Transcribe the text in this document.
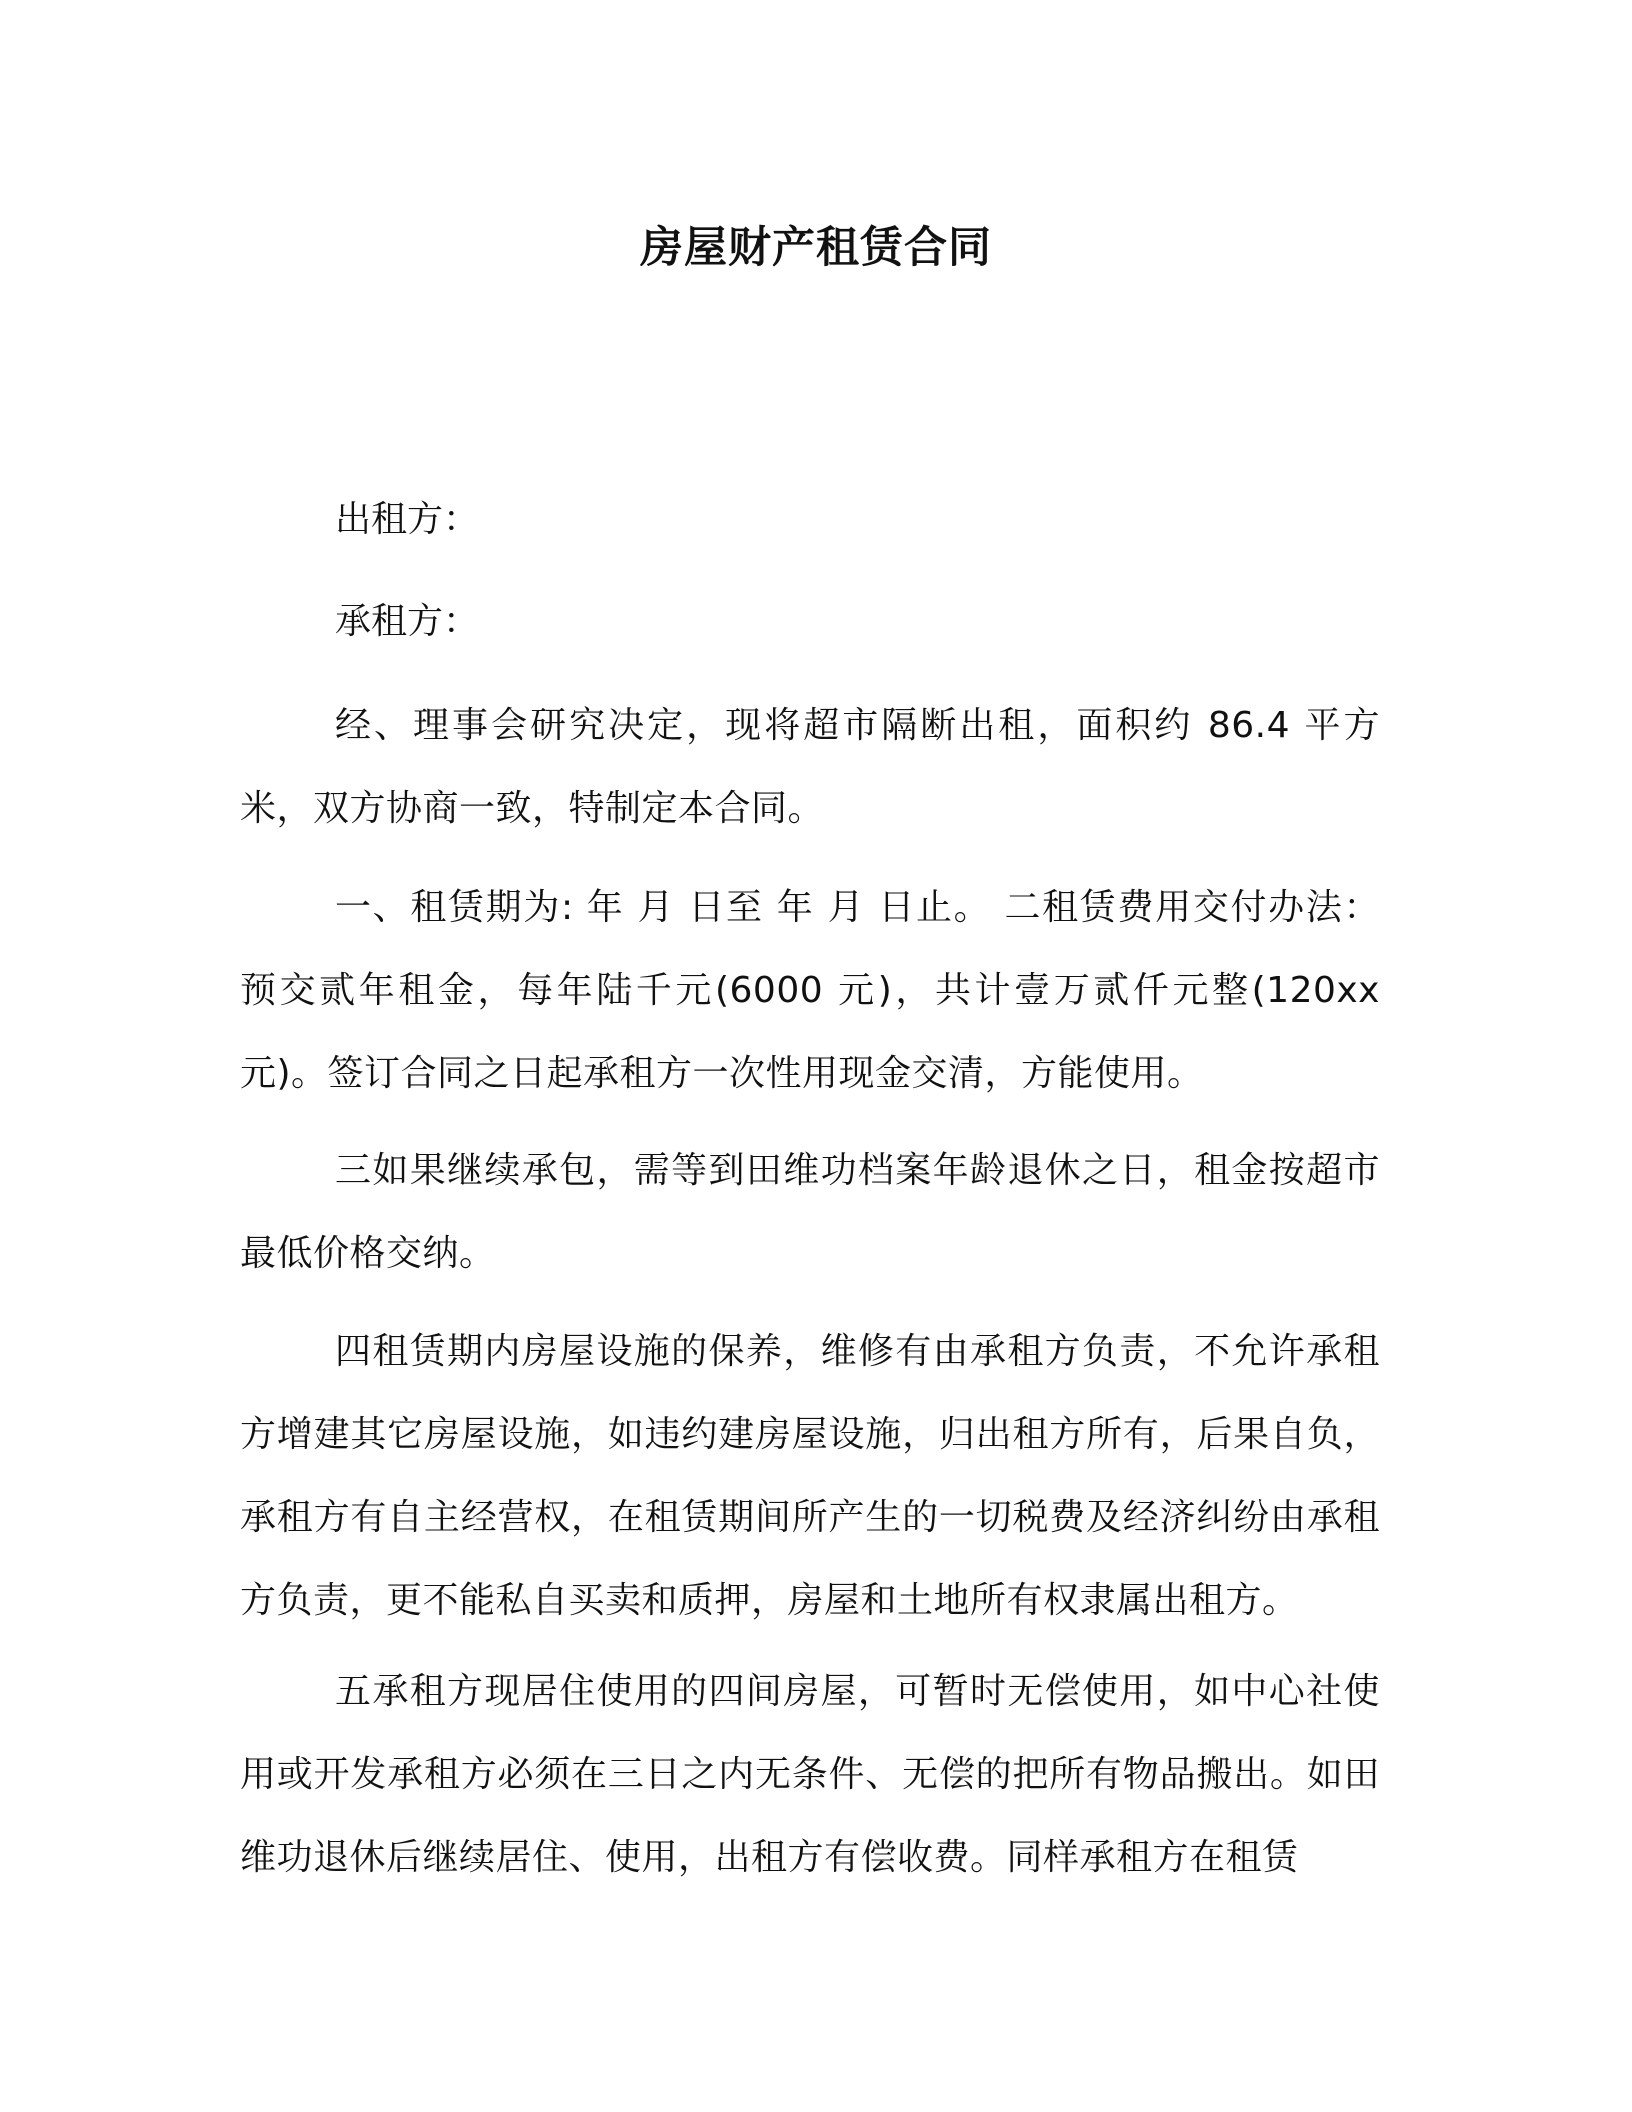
房屋财产租赁合同

出租方：

承租方：

经、理事会研究决定，现将超市隔断出租，面积约 86.4 平方米，双方协商一致，特制定本合同。

一、租赁期为: 年 月 日至 年 月 日止。 二租赁费用交付办法：预交贰年租金，每年陆千元(6000 元)，共计壹万贰仟元整(120xx 元)。签订合同之日起承租方一次性用现金交清，方能使用。

三如果继续承包，需等到田维功档案年龄退休之日，租金按超市最低价格交纳。

四租赁期内房屋设施的保养，维修有由承租方负责，不允许承租方增建其它房屋设施，如违约建房屋设施，归出租方所有，后果自负，承租方有自主经营权，在租赁期间所产生的一切税费及经济纠纷由承租方负责，更不能私自买卖和质押，房屋和土地所有权隶属出租方。

五承租方现居住使用的四间房屋，可暂时无偿使用，如中心社使用或开发承租方必须在三日之内无条件、无偿的把所有物品搬出。如田维功退休后继续居住、使用，出租方有偿收费。同样承租方在租赁
